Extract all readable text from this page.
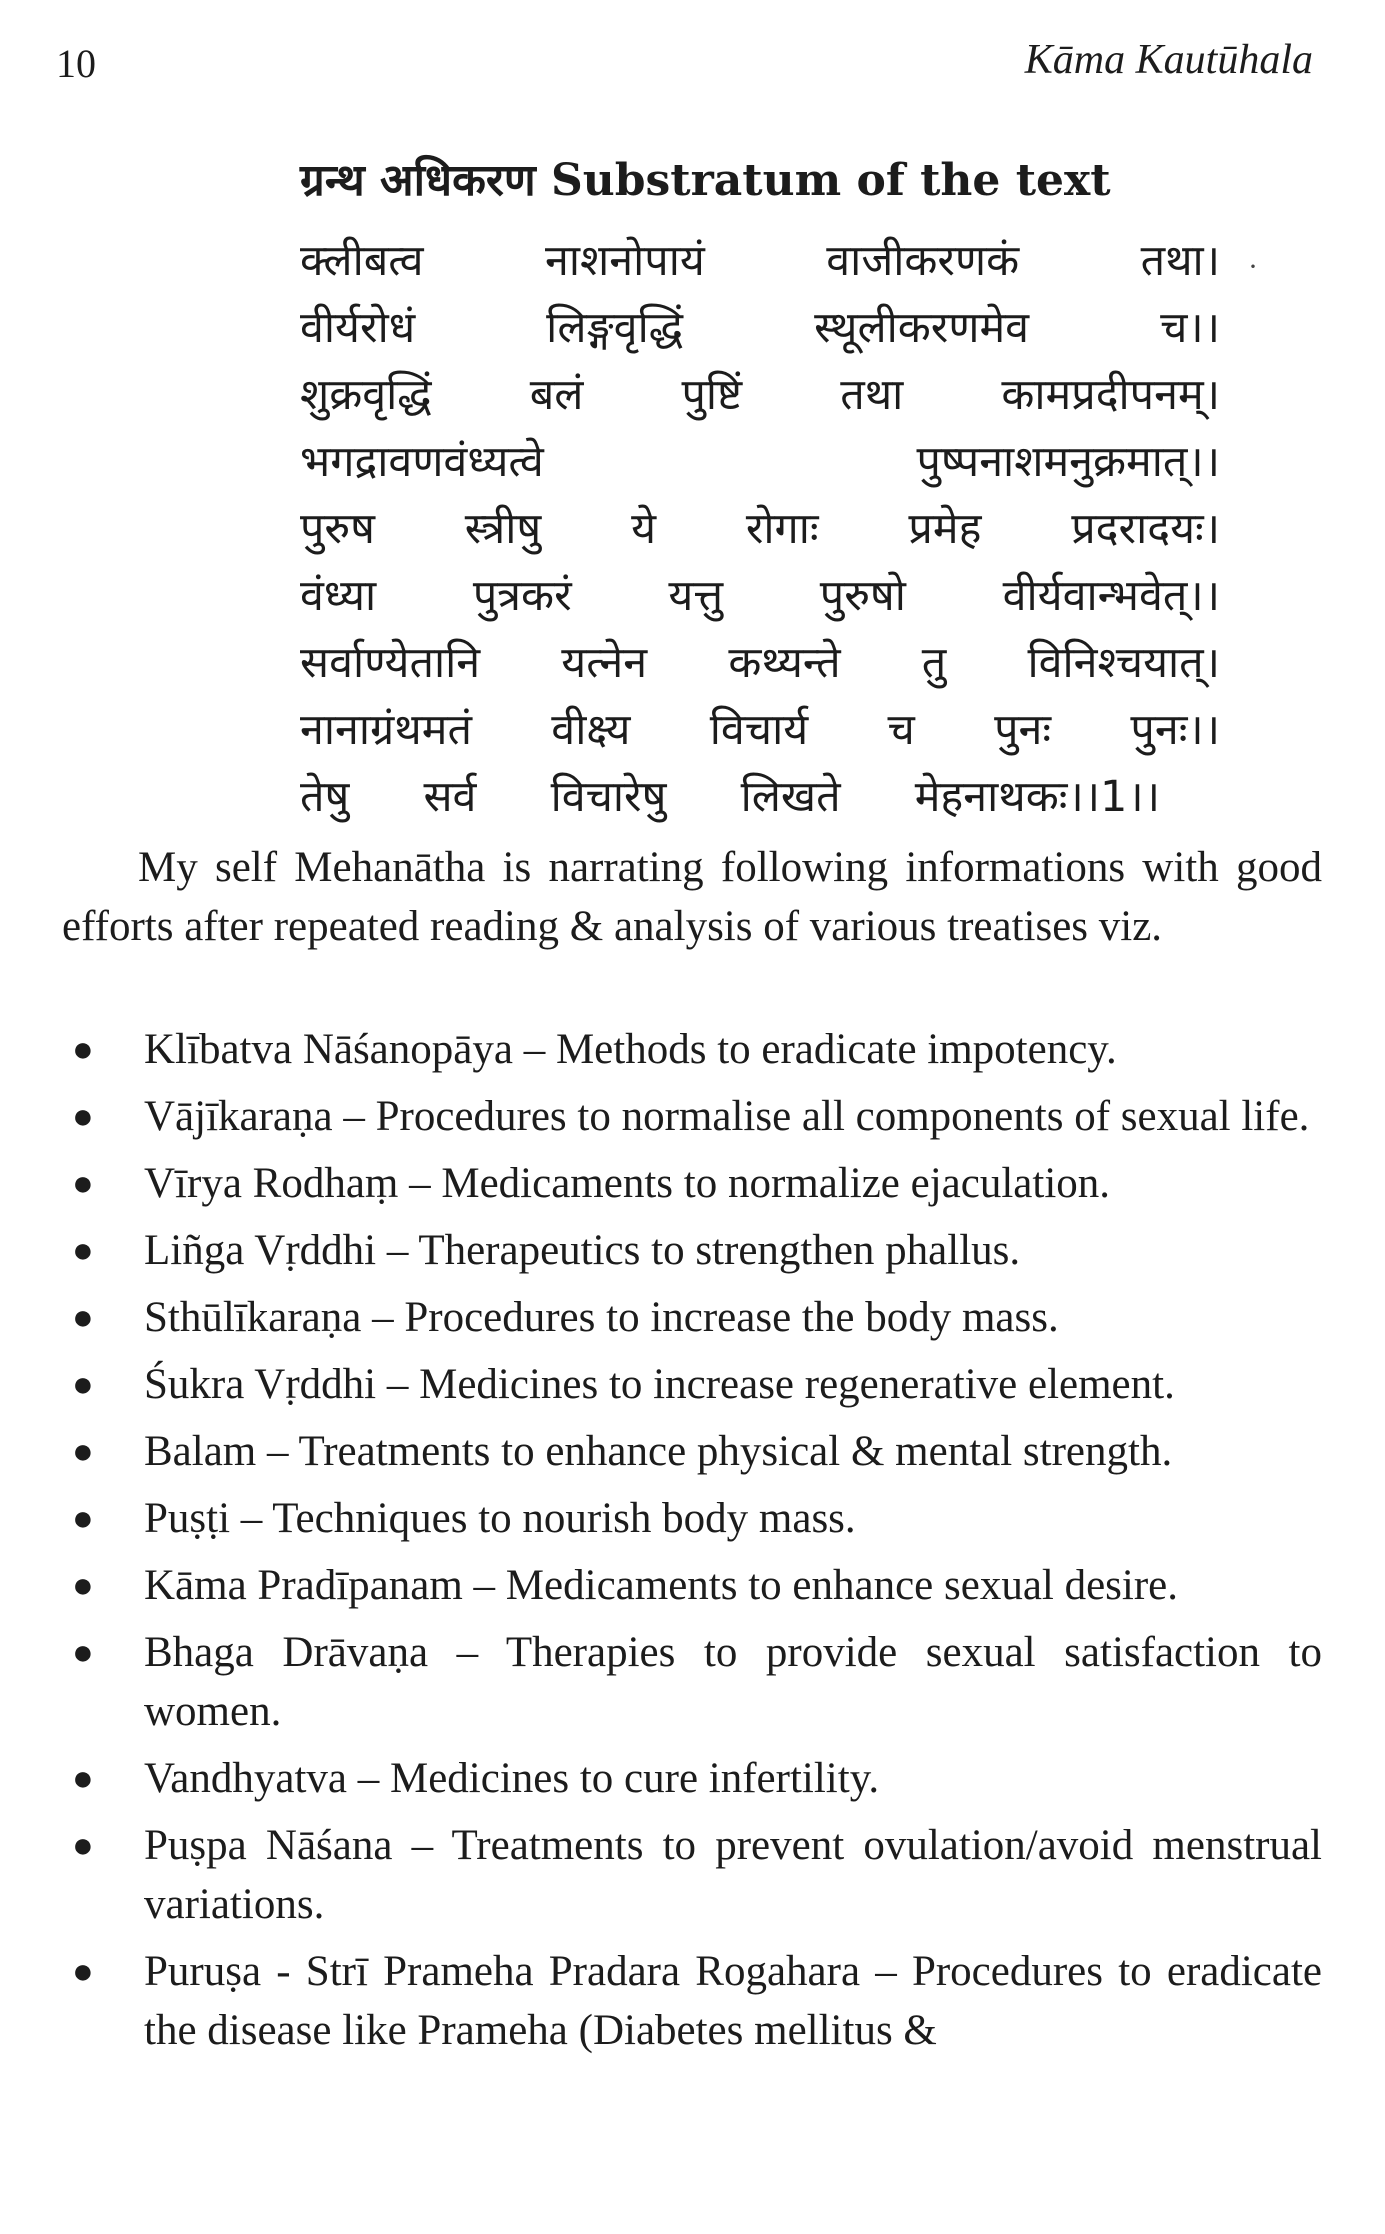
10	Kāma Kautūhala
ग्रन्थ अधिकरण Substratum of the text
·
क्लीबत्व नाशनोपायं वाजीकरणकं तथा।
वीर्यरोधं लिङ्गवृद्धिं स्थूलीकरणमेव च।।
शुक्रवृद्धिं बलं पुष्टिं तथा कामप्रदीपनम्।
भगद्रावणवंध्यत्वे पुष्पनाशमनुक्रमात्।।
पुरुष स्त्रीषु ये रोगाः प्रमेह प्रदरादयः।
वंध्या पुत्रकरं यत्तु पुरुषो वीर्यवान्भवेत्।।
सर्वाण्येतानि यत्नेन कथ्यन्ते तु विनिश्चयात्।
नानाग्रंथमतं वीक्ष्य विचार्य च पुनः पुनः।।
तेषु सर्व विचारेषु लिखते मेहनाथकः।।1।।

My self Mehanātha is narrating following informations with good efforts after repeated reading & analysis of various treatises viz.

● Klībatva Nāśanopāya – Methods to eradicate impotency.
● Vājīkaraṇa – Procedures to normalise all components of sexual life.
● Vīrya Rodhaṃ – Medicaments to normalize ejaculation.
● Liñga Vṛddhi – Therapeutics to strengthen phallus.
● Sthūlīkaraṇa – Procedures to increase the body mass.
● Śukra Vṛddhi – Medicines to increase regenerative element.
● Balam – Treatments to enhance physical & mental strength.
● Puṣṭi – Techniques to nourish body mass.
● Kāma Pradīpanam – Medicaments to enhance sexual desire.
● Bhaga Drāvaṇa – Therapies to provide sexual satisfaction to women.
● Vandhyatva – Medicines to cure infertility.
● Puṣpa Nāśana – Treatments to prevent ovulation/avoid menstrual variations.
● Puruṣa - Strī Prameha Pradara Rogahara – Procedures to eradicate the disease like Prameha (Diabetes mellitus &
